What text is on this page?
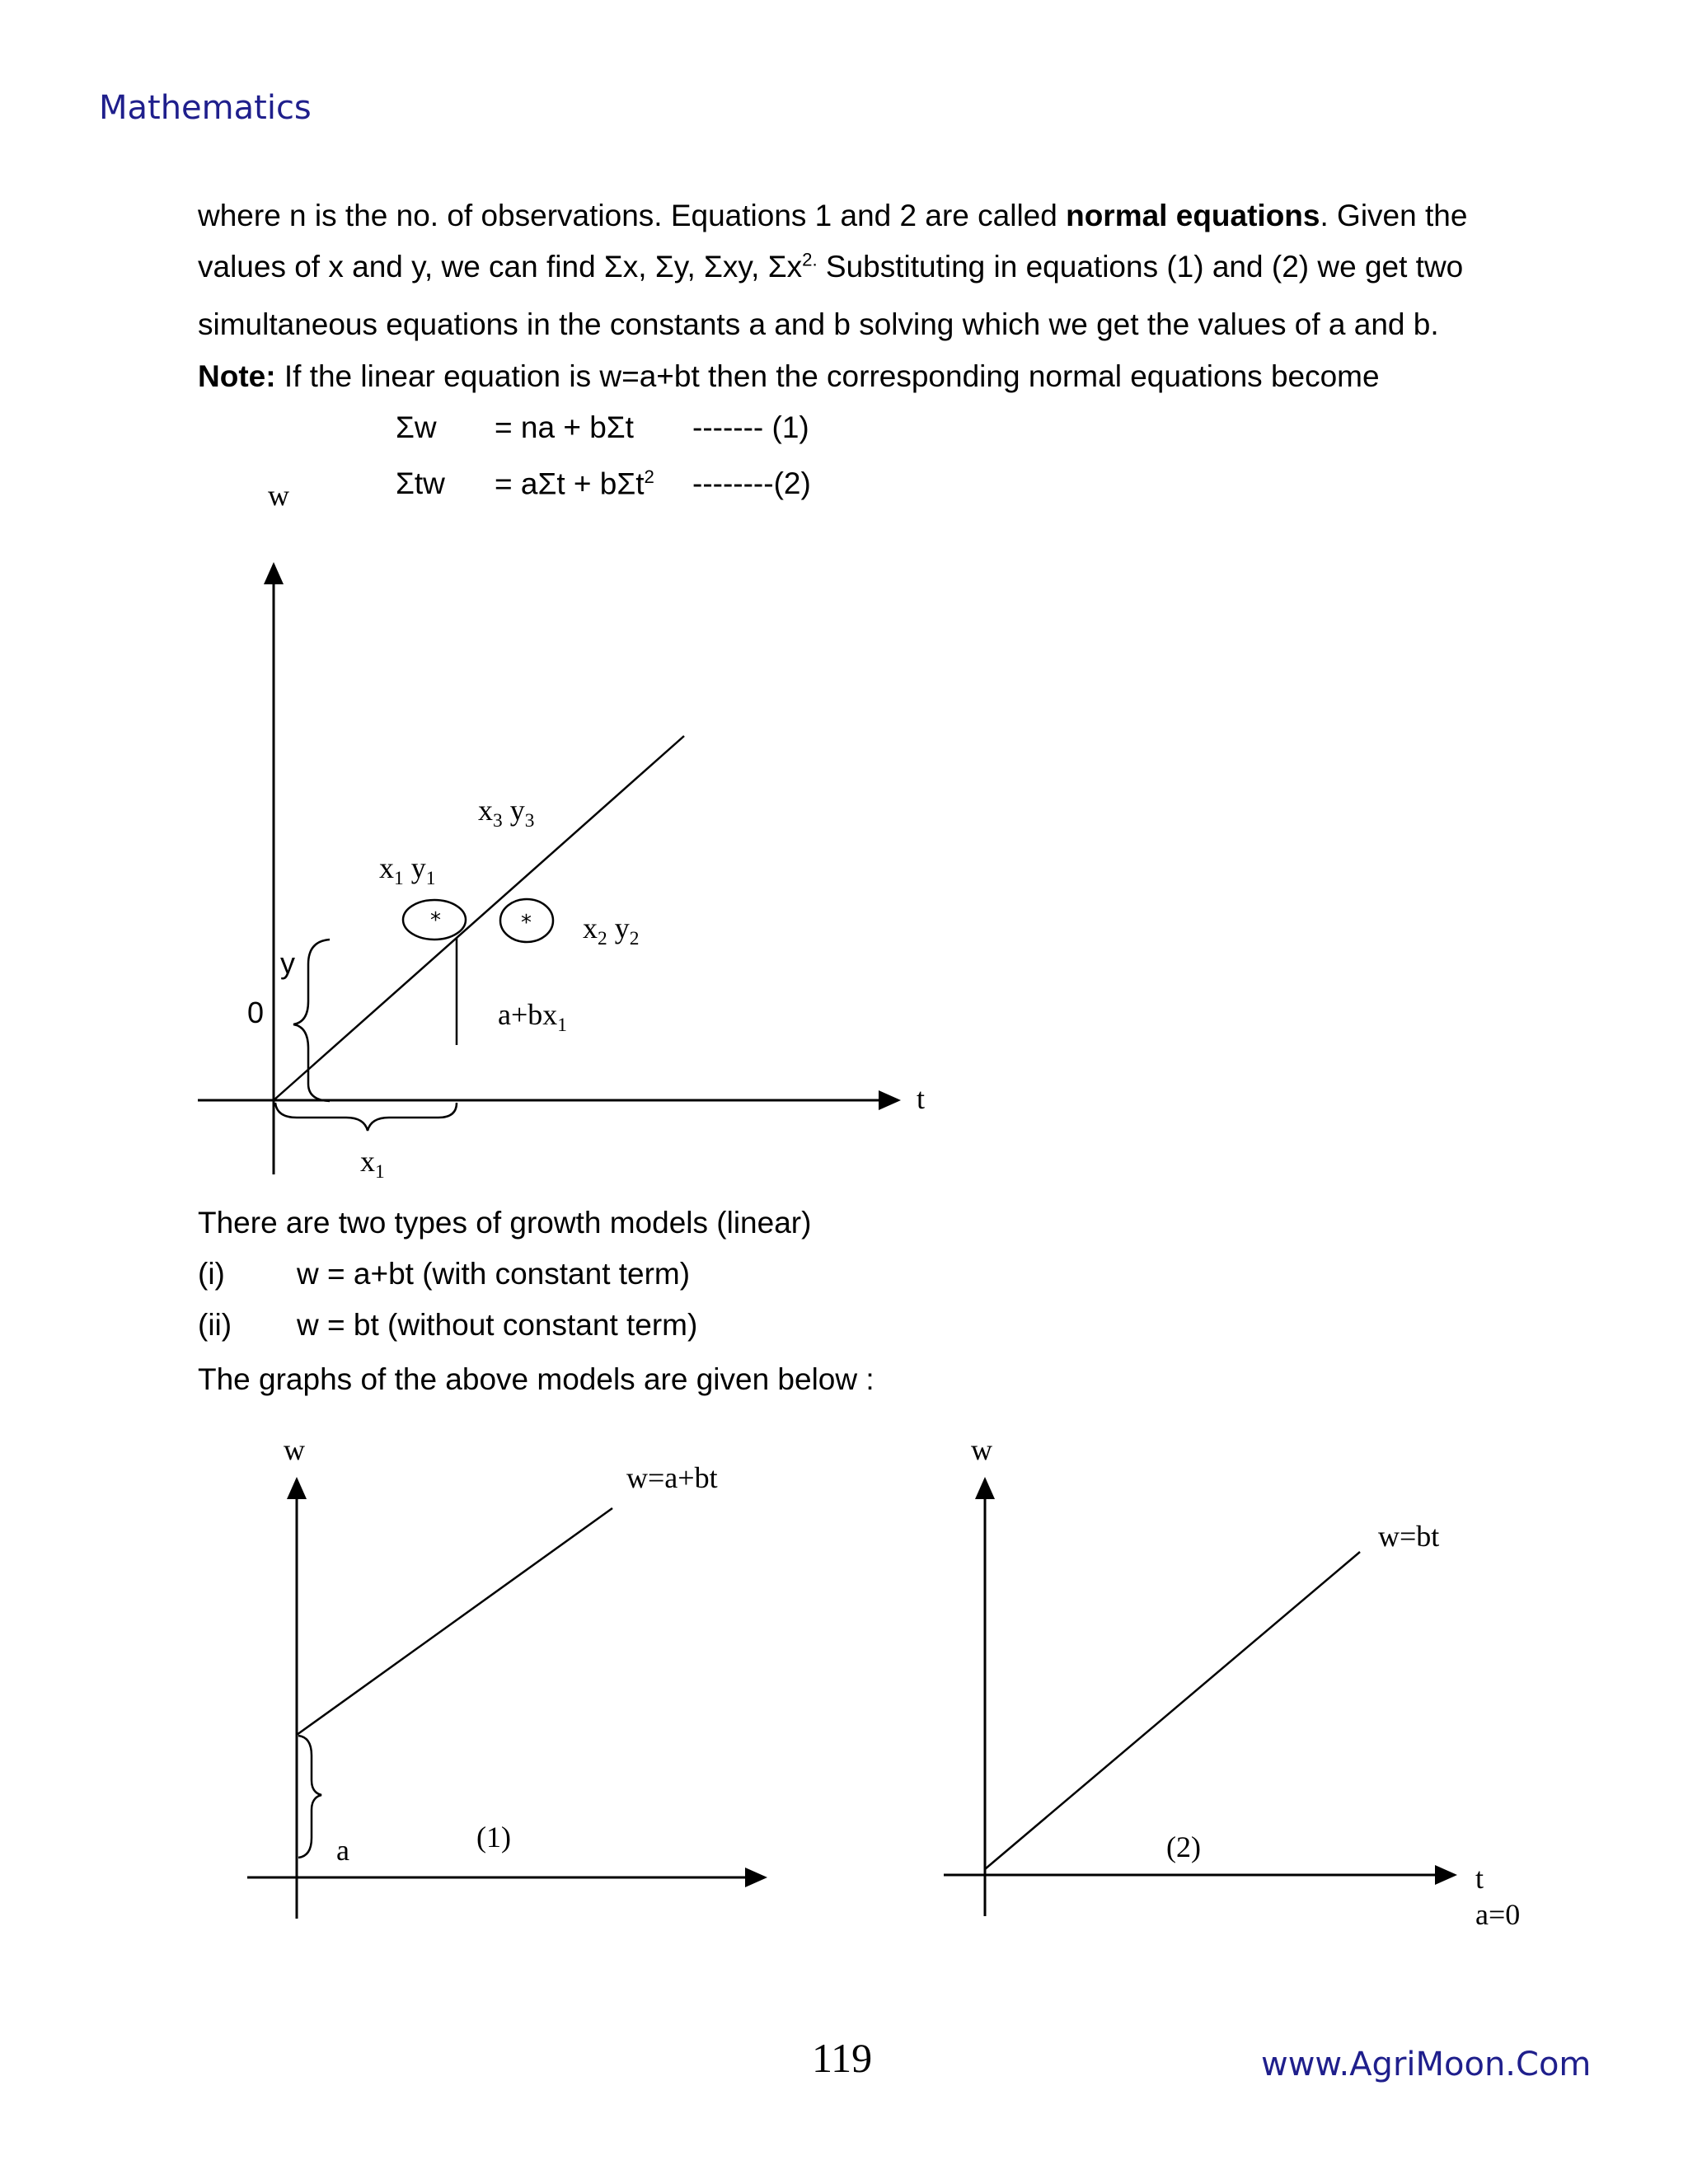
Mathematics
where n is the no. of observations. Equations 1 and 2 are called normal equations. Given the
values of x and y, we can find Σx, Σy, Σxy, $\Sigma x^{2.}$ Substituting in equations (1) and (2) we get two
simultaneous equations in the constants a and b solving which we get the values of a and b.
Note: If the linear equation is w=a+bt then the corresponding normal equations become
Σw = na + bΣt ------- (1)
Σtw = aΣt + bΣt$^2$ --------(2)
*	*
w
t
0
y
$x_1$
$x_3$ $y_3$
$x_1$ $y_1$
$x_2$ $y_2$
$a+bx_1$
There are two types of growth models (linear)
(i) w = a+bt (with constant term)
(ii) w = bt (without constant term)
The graphs of the above models are given below :
w
w=a+bt
a	(1)
w
w=bt
(2)
t
a=0
119	www.AgriMoon.Com
